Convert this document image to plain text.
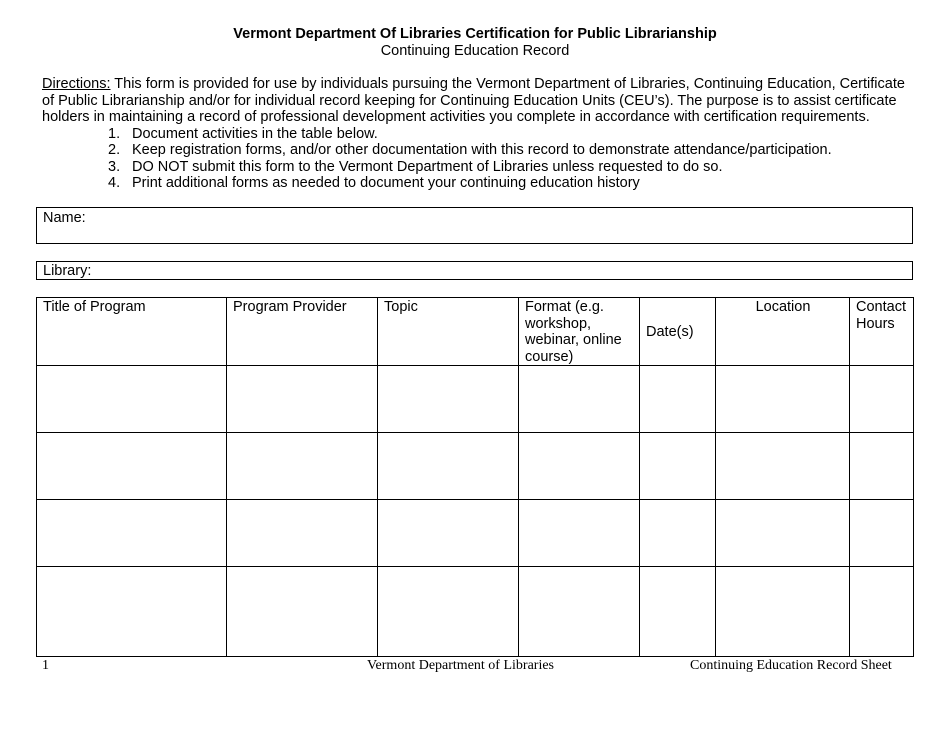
Vermont Department Of Libraries Certification for Public Librarianship
Continuing Education Record
Directions: This form is provided for use by individuals pursuing the Vermont Department of Libraries, Continuing Education, Certificate of Public Librarianship and/or for individual record keeping for Continuing Education Units (CEU’s). The purpose is to assist certificate holders in maintaining a record of professional development activities you complete in accordance with certification requirements.
1. Document activities in the table below.
2. Keep registration forms, and/or other documentation with this record to demonstrate attendance/participation.
3. DO NOT submit this form to the Vermont Department of Libraries unless requested to do so.
4. Print additional forms as needed to document your continuing education history
Name:
Library:
Title of Program	Program Provider	Topic	Format (e.g. workshop, webinar, online course)	Date(s)	Location	Contact Hours

1	Vermont Department of Libraries	Continuing Education Record Sheet
